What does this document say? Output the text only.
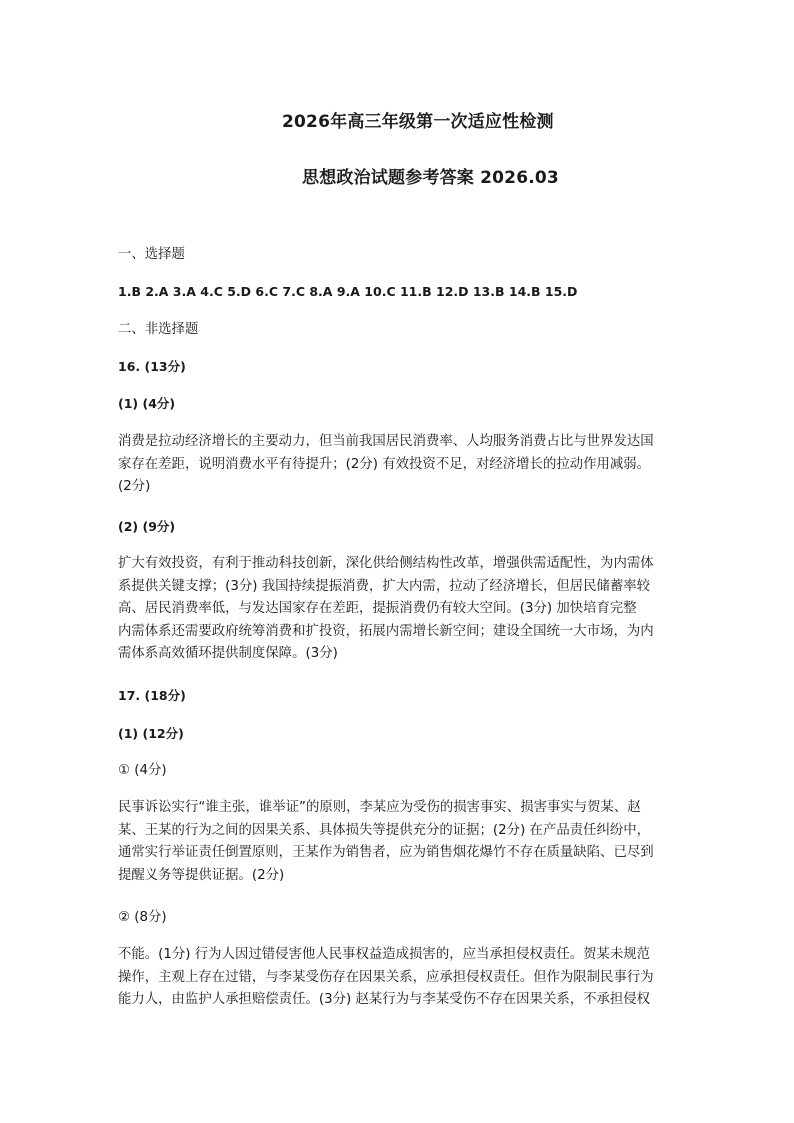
2026年高三年级第一次适应性检测
思想政治试题参考答案 2026.03
一、选择题
1.B 2.A 3.A 4.C 5.D 6.C 7.C 8.A 9.A 10.C 11.B 12.D 13.B 14.B 15.D
二、非选择题
16. (13分)
(1) (4分)
消费是拉动经济增长的主要动力，但当前我国居民消费率、人均服务消费占比与世界发达国
家存在差距，说明消费水平有待提升；(2分) 有效投资不足，对经济增长的拉动作用减弱。
(2分)
(2) (9分)
扩大有效投资，有利于推动科技创新，深化供给侧结构性改革，增强供需适配性，为内需体
系提供关键支撑；(3分) 我国持续提振消费，扩大内需，拉动了经济增长，但居民储蓄率较
高、居民消费率低，与发达国家存在差距，提振消费仍有较大空间。(3分) 加快培育完整
内需体系还需要政府统筹消费和扩投资，拓展内需增长新空间；建设全国统一大市场，为内
需体系高效循环提供制度保障。(3分)
17. (18分)
(1) (12分)
① (4分)
民事诉讼实行“谁主张，谁举证”的原则，李某应为受伤的损害事实、损害事实与贺某、赵
某、王某的行为之间的因果关系、具体损失等提供充分的证据；(2分) 在产品责任纠纷中，
通常实行举证责任倒置原则，王某作为销售者，应为销售烟花爆竹不存在质量缺陷、已尽到
提醒义务等提供证据。(2分)
② (8分)
不能。(1分) 行为人因过错侵害他人民事权益造成损害的，应当承担侵权责任。贺某未规范
操作，主观上存在过错，与李某受伤存在因果关系，应承担侵权责任。但作为限制民事行为
能力人，由监护人承担赔偿责任。(3分) 赵某行为与李某受伤不存在因果关系，不承担侵权
